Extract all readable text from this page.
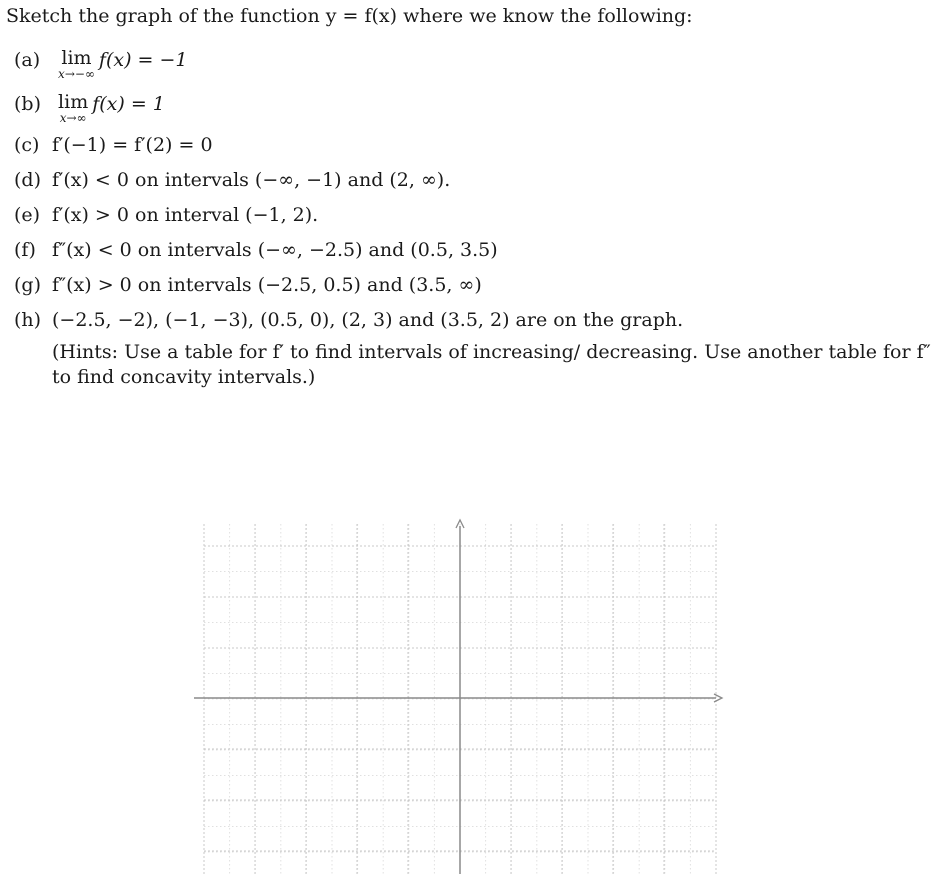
Sketch the graph of the function y = f(x) where we know the following:
(a) lim
x→−∞
f(x) = −1
(b) lim
x→∞
f(x) = 1
(c) f′(−1) = f′(2) = 0
(d) f′(x) < 0 on intervals (−∞, −1) and (2, ∞).
(e) f′(x) > 0 on interval (−1, 2).
(f) f″(x) < 0 on intervals (−∞, −2.5) and (0.5, 3.5)
(g) f″(x) > 0 on intervals (−2.5, 0.5) and (3.5, ∞)
(h) (−2.5, −2), (−1, −3), (0.5, 0), (2, 3) and (3.5, 2) are on the graph.
(Hints: Use a table for f′ to find intervals of increasing/ decreasing. Use another table for f″
to find concavity intervals.)
